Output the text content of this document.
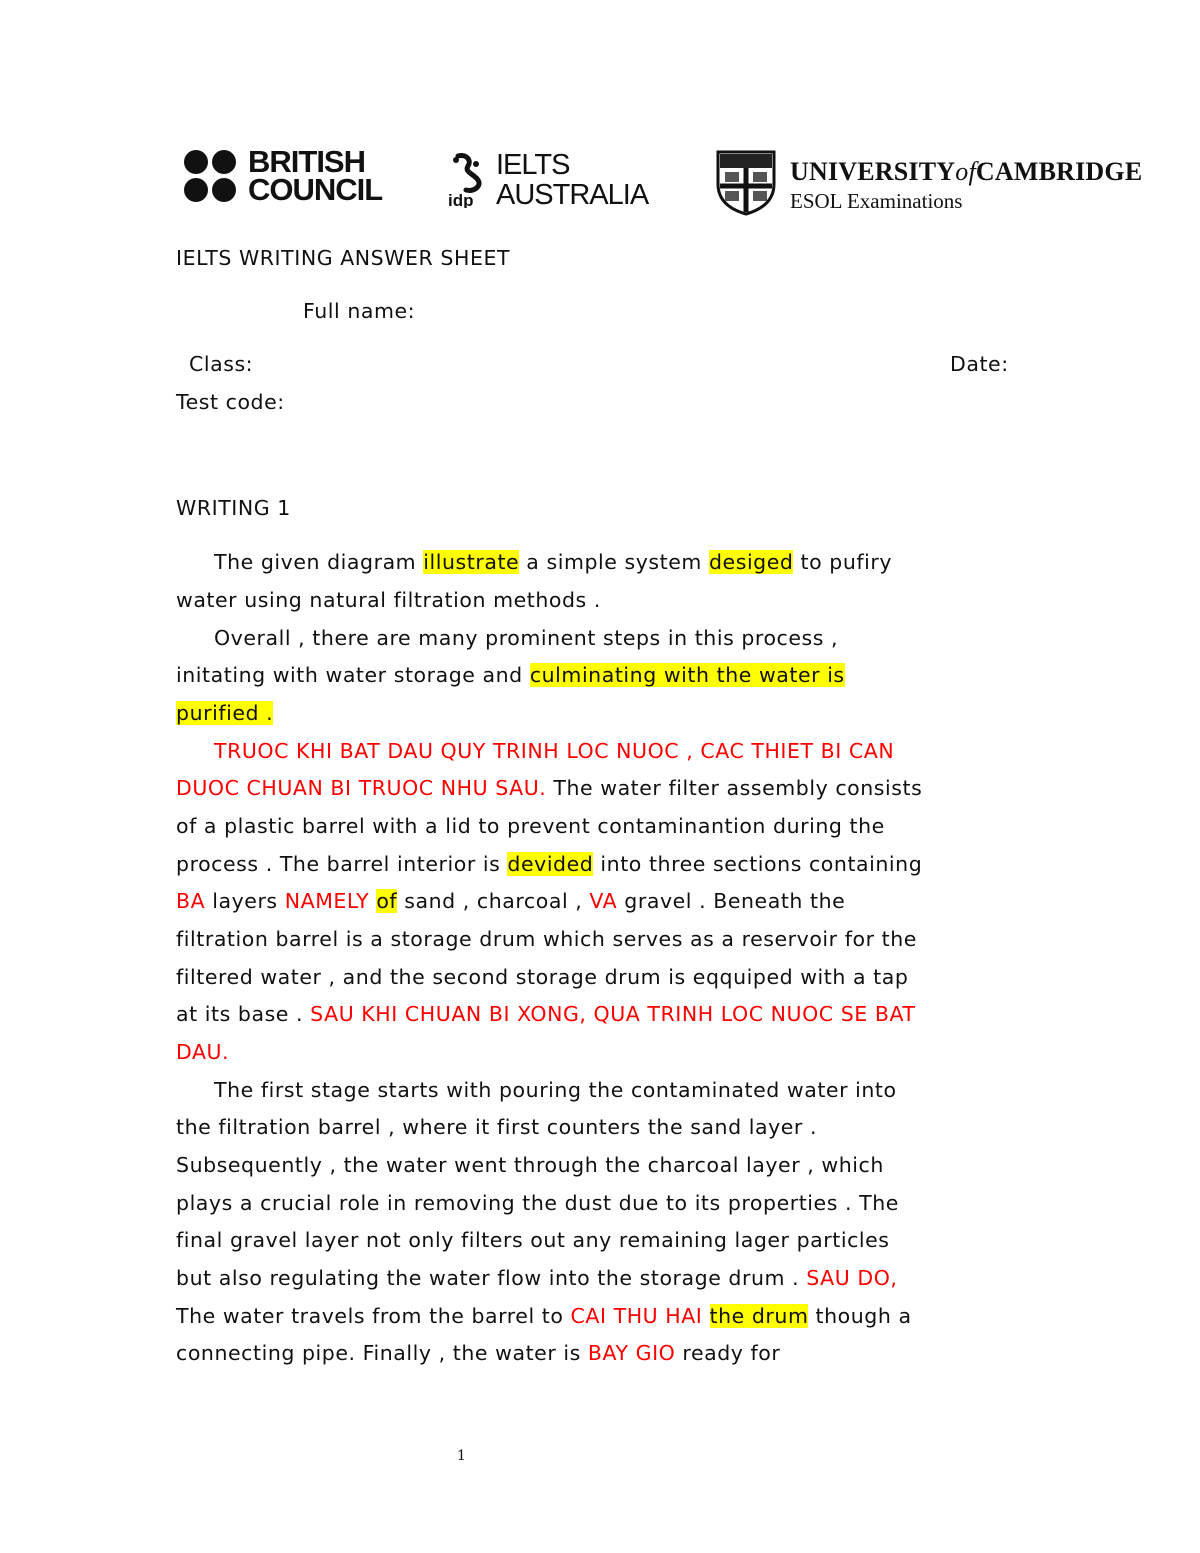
BRITISH
COUNCIL	idp
IELTS
AUSTRALIA
UNIVERSITYofCAMBRIDGE
ESOL Examinations
IELTS WRITING ANSWER SHEET
Full name:
Class:	Date:
Test code:
WRITING 1
The given diagram illustrate a simple system desiged to pufiry
water using natural filtration methods .
Overall , there are many prominent steps in this process ,
initating with water storage and culminating with the water is
purified .
TRUOC KHI BAT DAU QUY TRINH LOC NUOC , CAC THIET BI CAN
DUOC CHUAN BI TRUOC NHU SAU. The water filter assembly consists
of a plastic barrel with a lid to prevent contaminantion during the
process . The barrel interior is devided into three sections containing
BA layers NAMELY of sand , charcoal , VA gravel . Beneath the
filtration barrel is a storage drum which serves as a reservoir for the
filtered water , and the second storage drum is eqquiped with a tap
at its base . SAU KHI CHUAN BI XONG, QUA TRINH LOC NUOC SE BAT
DAU.
The first stage starts with pouring the contaminated water into
the filtration barrel , where it first counters the sand layer .
Subsequently , the water went through the charcoal layer , which
plays a crucial role in removing the dust due to its properties . The
final gravel layer not only filters out any remaining lager particles
but also regulating the water flow into the storage drum . SAU DO,
The water travels from the barrel to CAI THU HAI the drum though a
connecting pipe. Finally , the water is BAY GIO ready for
1
